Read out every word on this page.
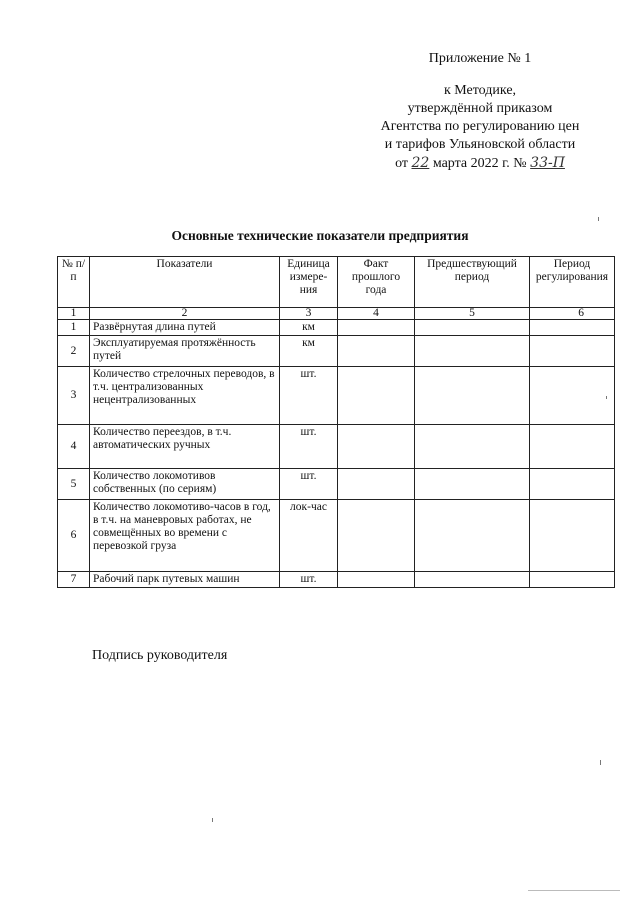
Приложение № 1
к Методике,
утверждённой приказом
Агентства по регулированию цен
и тарифов Ульяновской области
от 22 марта 2022 г. № 33-П
Основные технические показатели предприятия
№ п/п	Показатели	Единица измере-ния	Факт прошлого года	Предшествующий период	Период регулирования
1	2	3	4	5	6
1	Развёрнутая длина путей	км			
2	Эксплуатируемая протяжённость путей	км			
3	Количество стрелочных переводов, в т.ч. централизованных нецентрализованных	шт.			
4	Количество переездов, в т.ч. автоматических ручных	шт.			
5	Количество локомотивов собственных (по сериям)	шт.			
6	Количество локомотиво-часов в год, в т.ч. на маневровых работах, не совмещённых во времени с перевозкой груза	лок-час			
7	Рабочий парк путевых машин	шт.			
Подпись руководителя
